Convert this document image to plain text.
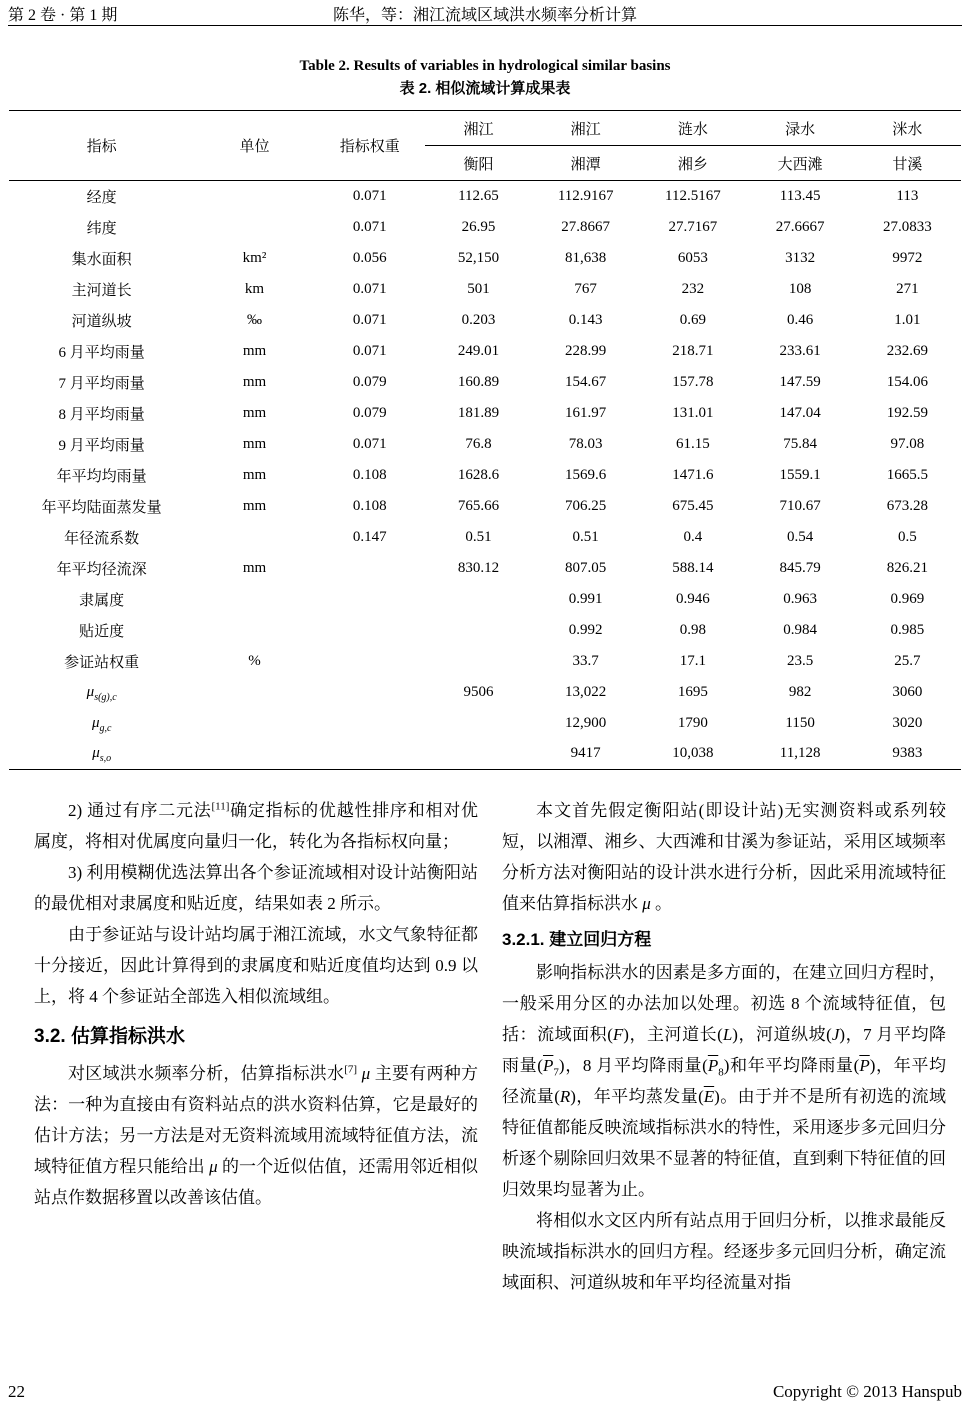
第 2 卷 · 第 1 期	陈华，等：湘江流域区域洪水频率分析计算
Table 2. Results of variables in hydrological similar basins
表 2. 相似流域计算成果表
指标	单位	指标权重	湘江	湘江	涟水	渌水	洣水
			衡阳	湘潭	湘乡	大西滩	甘溪
经度		0.071	112.65	112.9167	112.5167	113.45	113
纬度		0.071	26.95	27.8667	27.7167	27.6667	27.0833
集水面积	km²	0.056	52,150	81,638	6053	3132	9972
主河道长	km	0.071	501	767	232	108	271
河道纵坡	‰	0.071	0.203	0.143	0.69	0.46	1.01
6 月平均雨量	mm	0.071	249.01	228.99	218.71	233.61	232.69
7 月平均雨量	mm	0.079	160.89	154.67	157.78	147.59	154.06
8 月平均雨量	mm	0.079	181.89	161.97	131.01	147.04	192.59
9 月平均雨量	mm	0.071	76.8	78.03	61.15	75.84	97.08
年平均均雨量	mm	0.108	1628.6	1569.6	1471.6	1559.1	1665.5
年平均陆面蒸发量	mm	0.108	765.66	706.25	675.45	710.67	673.28
年径流系数		0.147	0.51	0.51	0.4	0.54	0.5
年平均径流深	mm		830.12	807.05	588.14	845.79	826.21
隶属度				0.991	0.946	0.963	0.969
贴近度				0.992	0.98	0.984	0.985
参证站权重	%			33.7	17.1	23.5	25.7
$\mu_{s(g),c}$			9506	13,022	1695	982	3060
$\mu_{g,c}$				12,900	1790	1150	3020
$\mu_{s,o}$				9417	10,038	11,128	9383

2) 通过有序二元法[11]确定指标的优越性排序和相对优属度，将相对优属度向量归一化，转化为各指标权向量；

3) 利用模糊优选法算出各个参证流域相对设计站衡阳站的最优相对隶属度和贴近度，结果如表 2 所示。

由于参证站与设计站均属于湘江流域，水文气象特征都十分接近，因此计算得到的隶属度和贴近度值均达到 0.9 以上，将 4 个参证站全部选入相似流域组。

3.2. 估算指标洪水

对区域洪水频率分析，估算指标洪水[7] μ 主要有两种方法：一种为直接由有资料站点的洪水资料估算，它是最好的估计方法；另一方法是对无资料流域用流域特征值方法，流域特征值方程只能给出 μ 的一个近似估值，还需用邻近相似站点作数据移置以改善该估值。

本文首先假定衡阳站(即设计站)无实测资料或系列较短，以湘潭、湘乡、大西滩和甘溪为参证站，采用区域频率分析方法对衡阳站的设计洪水进行分析，因此采用流域特征值来估算指标洪水 μ 。

3.2.1. 建立回归方程

影响指标洪水的因素是多方面的，在建立回归方程时，一般采用分区的办法加以处理。初选 8 个流域特征值，包括：流域面积(F)，主河道长(L)，河道纵坡(J)，7 月平均降雨量$(\overline{P}_7)$，8 月平均降雨量$(\overline{P}_8)$和年平均降雨量$(\overline{P})$，年平均径流量(R)，年平均蒸发量$(\overline{E})$。由于并不是所有初选的流域特征值都能反映流域指标洪水的特性，采用逐步多元回归分析逐个剔除回归效果不显著的特征值，直到剩下特征值的回归效果均显著为止。

将相似水文区内所有站点用于回归分析，以推求最能反映流域指标洪水的回归方程。经逐步多元回归分析，确定流域面积、河道纵坡和年平均径流量对指

22	Copyright © 2013 Hanspub
